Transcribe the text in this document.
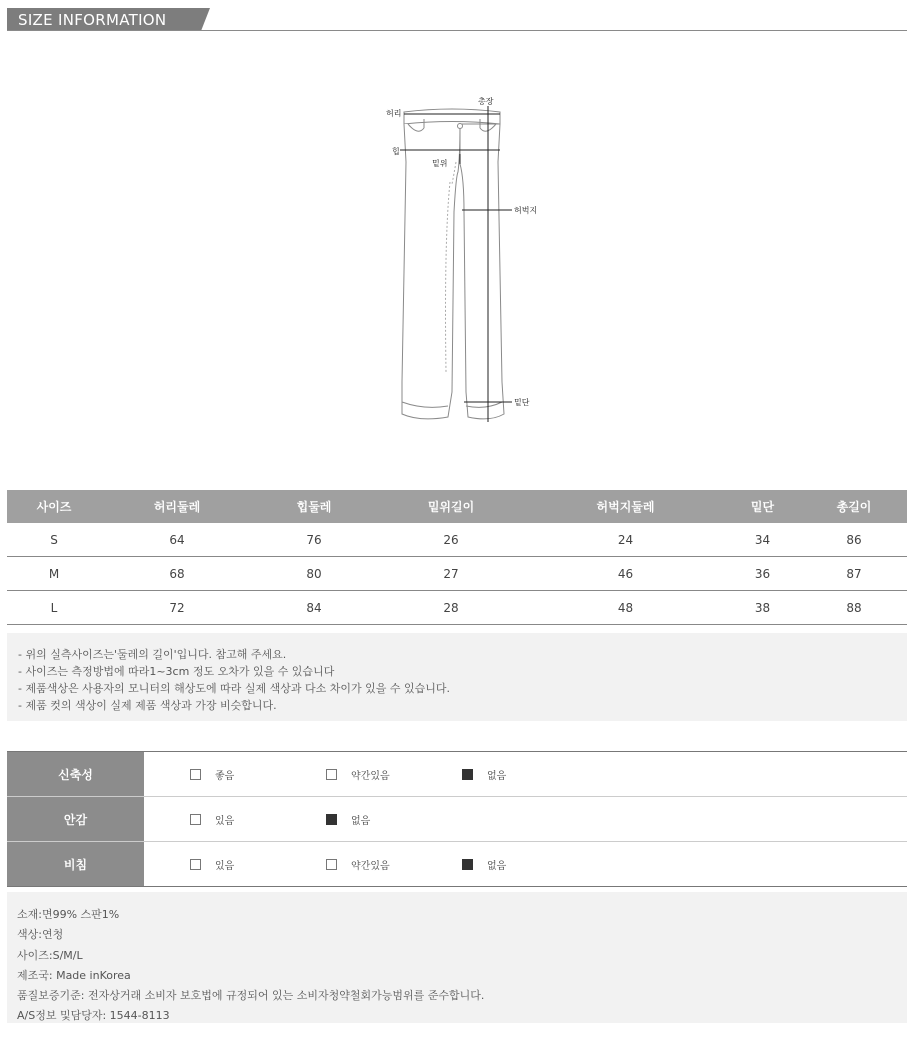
SIZE INFORMATION
허리
총장
힙
밑위
허벅지
밑단
사이즈	허리둘레	힙둘레	밑위길이	허벅지둘레	밑단	총길이
S	64	76	26	24	34	86
M	68	80	27	46	36	87
L	72	84	28	48	38	88
- 위의 실측사이즈는'둘레의 길이'입니다. 참고해 주세요.
- 사이즈는 측정방법에 따라1~3cm 정도 오차가 있을 수 있습니다
- 제품색상은 사용자의 모니터의 해상도에 따라 실제 색상과 다소 차이가 있을 수 있습니다.
- 제품 컷의 색상이 실제 제품 색상과 가장 비슷합니다.
신축성	좋음 약간있음 없음

안감	있음 없음

비침	있음 약간있음 없음
소재:면99% 스판1%
색상:연청
사이즈:S/M/L
제조국: Made inKorea
품질보증기준: 전자상거래 소비자 보호법에 규정되어 있는 소비자청약철회가능범위를 준수합니다.
A/S정보 및담당자: 1544-8113
